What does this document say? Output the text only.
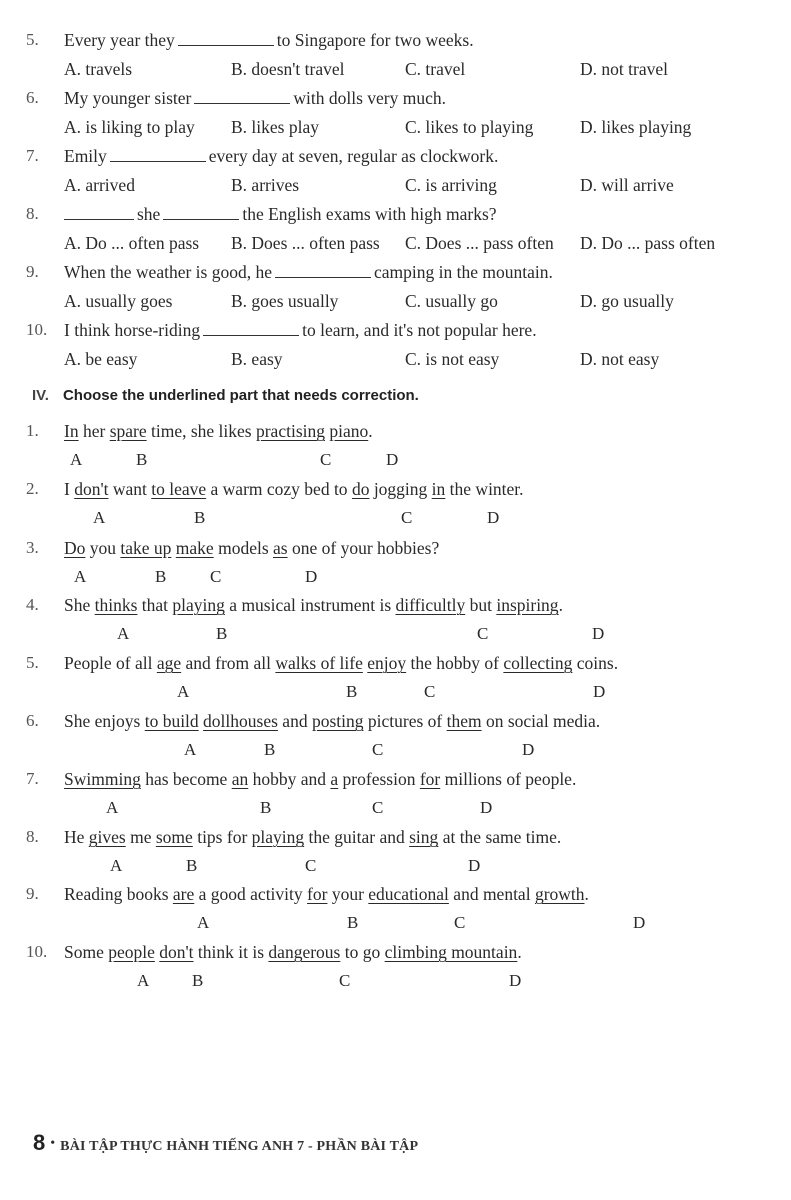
5.	Every year they	to Singapore for two weeks.
A. travels	B. doesn't travel	C. travel	D. not travel
6.	My younger sister	with dolls very much.
A. is liking to play B. likes play	C. likes to playing	D. likes playing
7.	Emily	every day at seven, regular as clockwork.
A. arrived	B. arrives	C. is arriving	D. will arrive
8.	she	the English exams with high marks?
A. Do ... often pass B. Does ... often pass C. Does ... pass often D. Do ... pass often
9.	When the weather is good, he	camping in the mountain.
A. usually goes	B. goes usually	C. usually go	D. go usually
10. I think horse-riding	to learn, and it's not popular here.
A. be easy	B. easy	C. is not easy	D. not easy
IV. Choose the underlined part that needs correction.
1.	In her spare time, she likes practising piano.
2.	I don't want to leave a warm cozy bed to do jogging in the winter.
3.	Do you take up make models as one of your hobbies?
4.	She thinks that playing a musical instrument is difficultly but inspiring.
5.	People of all age and from all walks of life enjoy the hobby of collecting coins.
6.	She enjoys to build dollhouses and posting pictures of them on social media.
7.	Swimming has become an hobby and a profession for millions of people.
8.	He gives me some tips for playing the guitar and sing at the same time.
9.	Reading books are a good activity for your educational and mental growth.
10. Some people don't think it is dangerous to go climbing mountain.
A	B	C	D
A	B	C	D
A	B	C	D
A	B	C	D
A	B	C	D
A	B	C	D
A	B	C	D
A	B	C	D
A	B	C	D
A	B	C	D
8 • BÀI TẬP THỰC HÀNH TIẾNG ANH 7 - PHẦN BÀI TẬP
